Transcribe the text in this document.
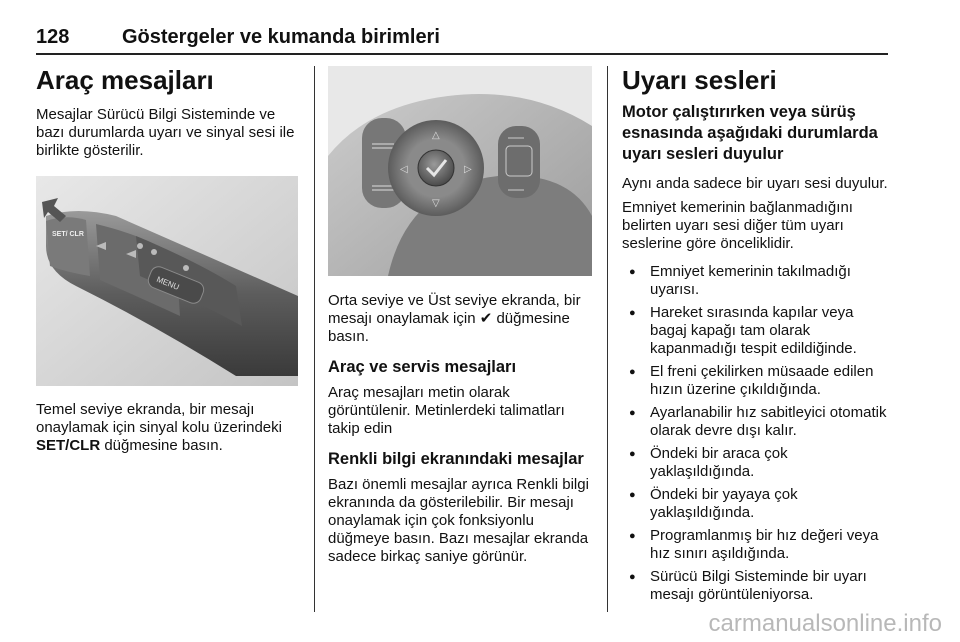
128	Göstergeler ve kumanda birimleri
Araç mesajları

Mesajlar Sürücü Bilgi Sisteminde ve bazı durumlarda uyarı ve sinyal sesi ile birlikte gösterilir.

MENU
SET/ CLR

Temel seviye ekranda, bir mesajı onaylamak için sinyal kolu üzerindeki SET/CLR düğmesine basın.

△
▽
◁	▷

Orta seviye ve Üst seviye ekranda, bir mesajı onaylamak için ✔ düğmesine basın.

Araç ve servis mesajları

Araç mesajları metin olarak görüntülenir. Metinlerdeki talimatları takip edin

Renkli bilgi ekranındaki mesajlar

Bazı önemli mesajlar ayrıca Renkli bilgi ekranında da gösterilebilir. Bir mesajı onaylamak için çok fonksiyonlu düğmeye basın. Bazı mesajlar ekranda sadece birkaç saniye görünür.

Uyarı sesleri
Motor çalıştırırken veya sürüş esnasında aşağıdaki durumlarda uyarı sesleri duyulur

Aynı anda sadece bir uyarı sesi duyulur.

Emniyet kemerinin bağlanmadığını belirten uyarı sesi diğer tüm uyarı seslerine göre önceliklidir.

● Emniyet kemerinin takılmadığı uyarısı.
● Hareket sırasında kapılar veya bagaj kapağı tam olarak kapanmadığı tespit edildiğinde.
● El freni çekilirken müsaade edilen hızın üzerine çıkıldığında.
● Ayarlanabilir hız sabitleyici otomatik olarak devre dışı kalır.
● Öndeki bir araca çok yaklaşıldığında.
● Öndeki bir yayaya çok yaklaşıldığında.
● Programlanmış bir hız değeri veya hız sınırı aşıldığında.
● Sürücü Bilgi Sisteminde bir uyarı mesajı görüntüleniyorsa.
carmanualsonline.info
